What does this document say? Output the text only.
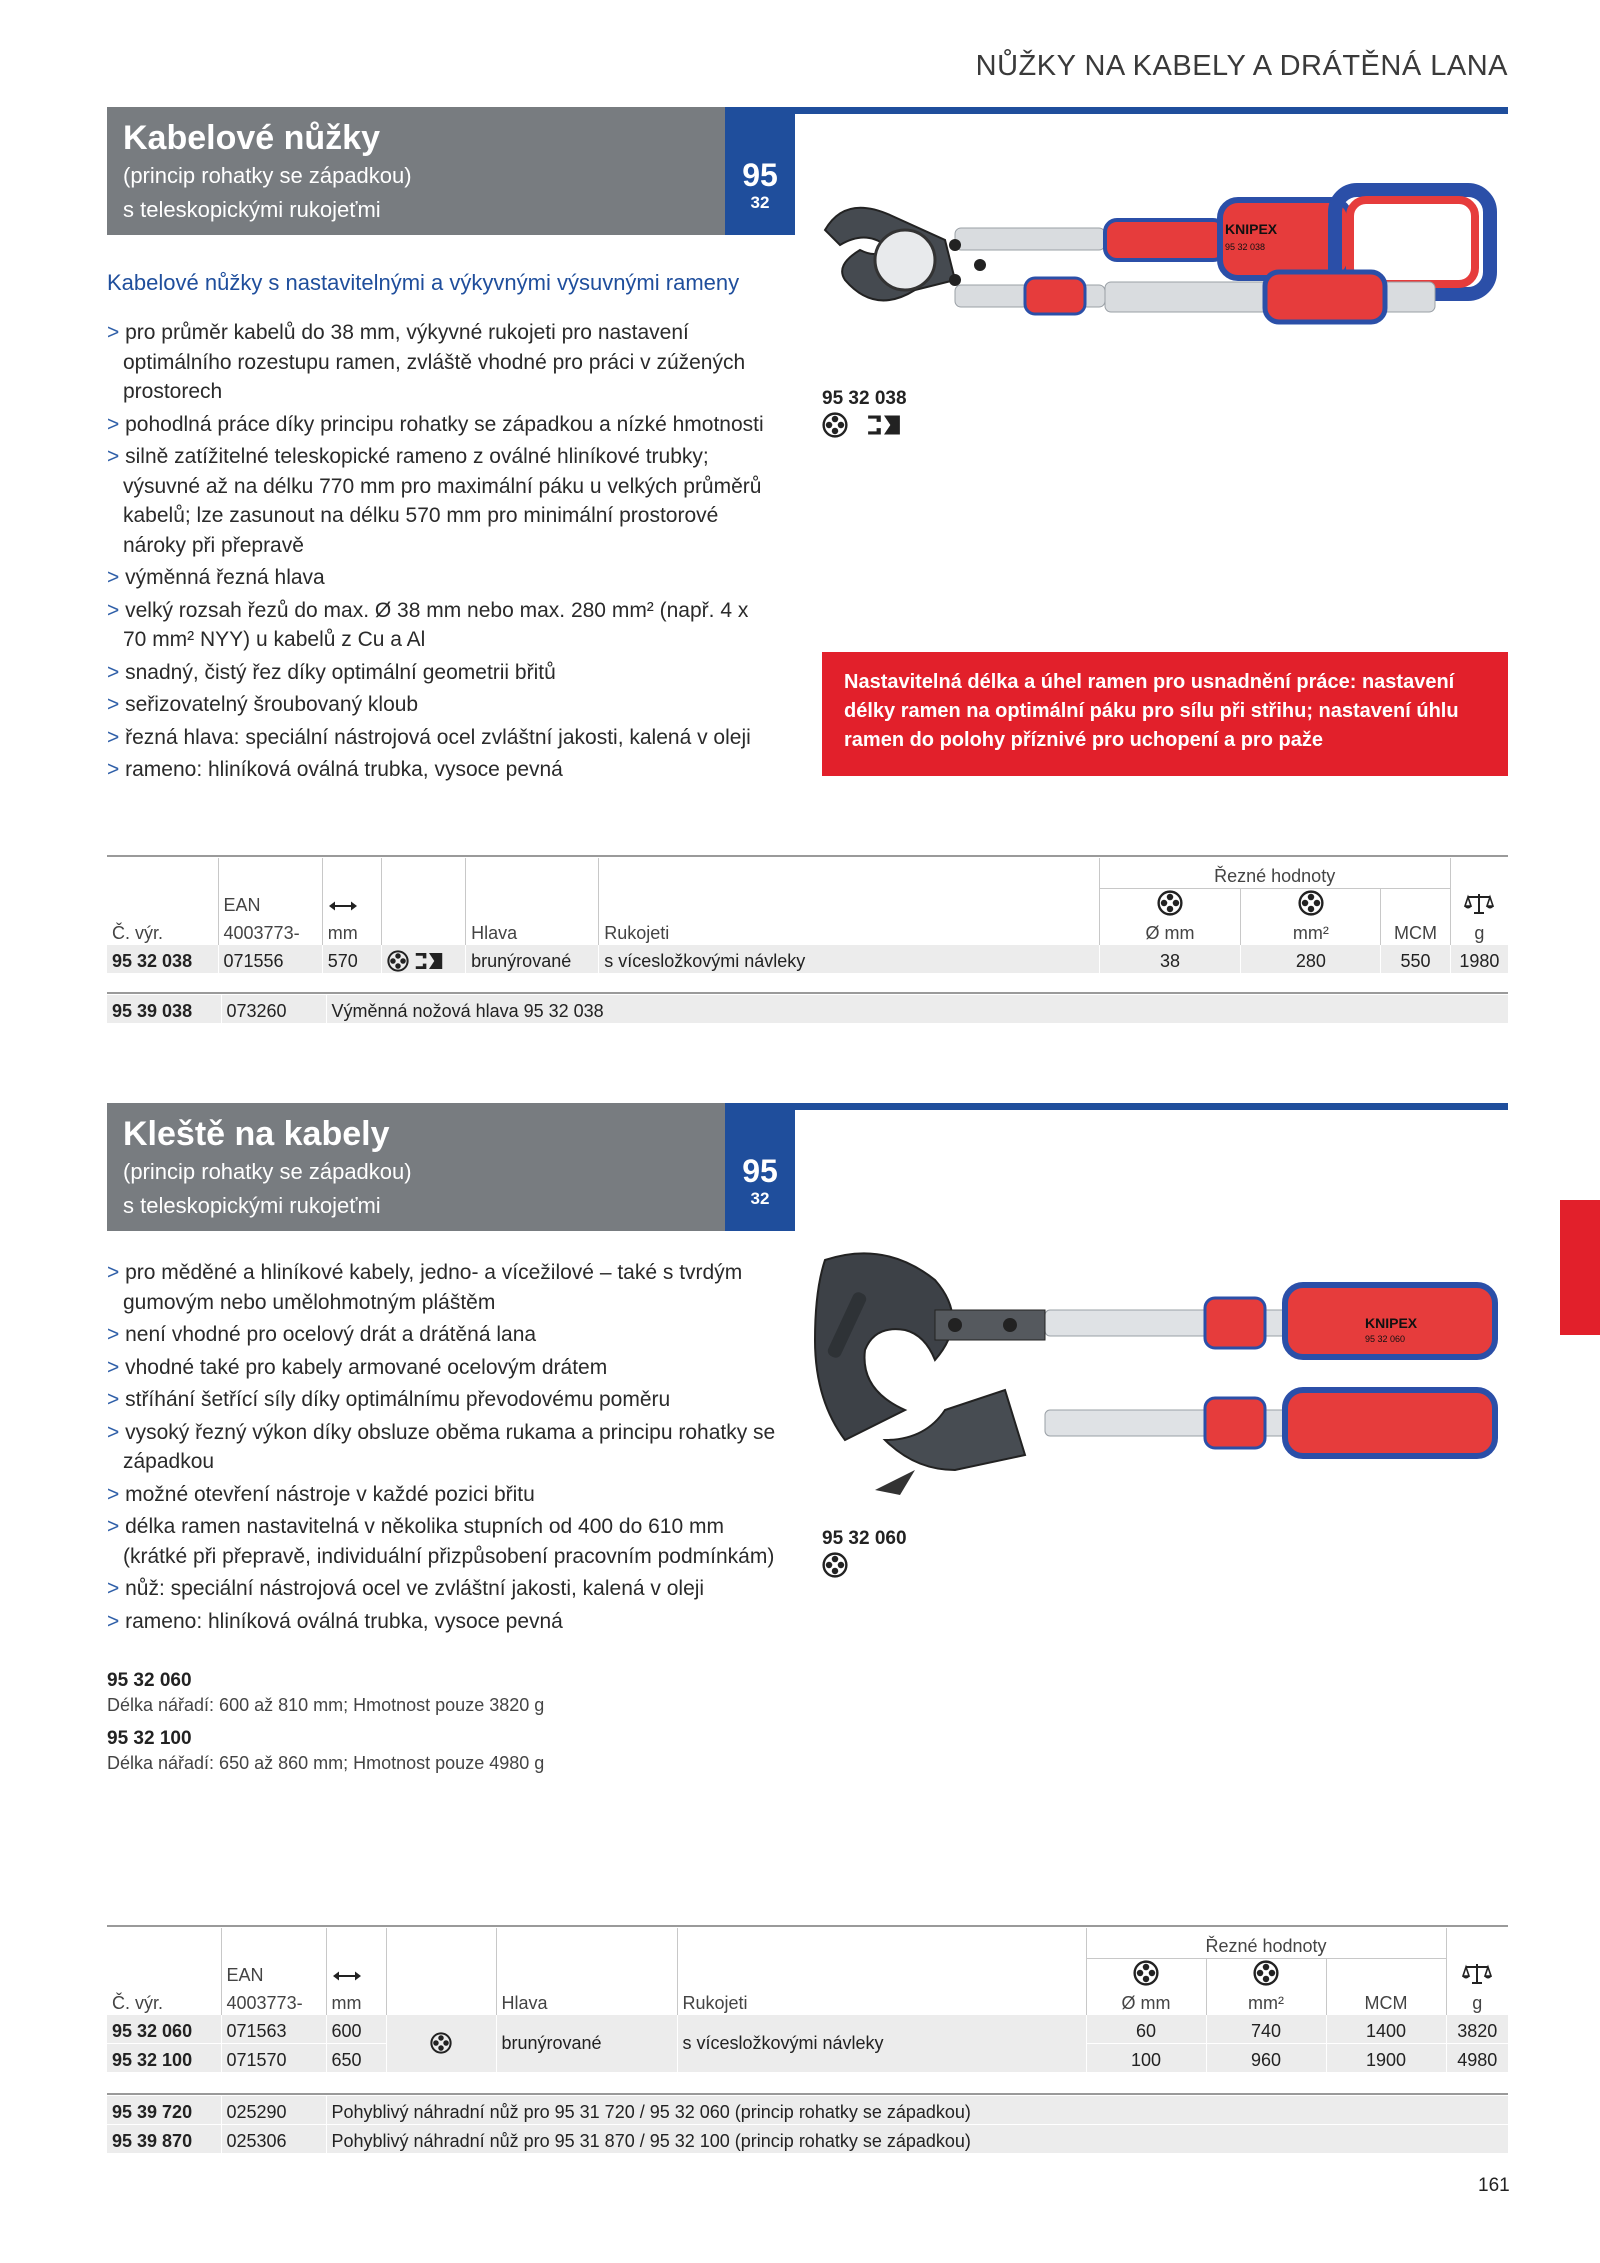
NŮŽKY NA KABELY A DRÁTĚNÁ LANA
Kabelové nůžky
(princip rohatky se západkou)
s teleskopickými rukojeťmi
95
32
Kabelové nůžky s nastavitelnými a výkyvnými výsuvnými rameny
> pro průměr kabelů do 38 mm, výkyvné rukojeti pro nastavení optimálního rozestupu ramen, zvláště vhodné pro práci v zúžených prostorech
> pohodlná práce díky principu rohatky se západkou a nízké hmotnosti
> silně zatížitelné teleskopické rameno z oválné hliníkové trubky; výsuvné až na délku 770 mm pro maximální páku u velkých průměrů kabelů; lze zasunout na délku 570 mm pro minimální prostorové nároky při přepravě
> výměnná řezná hlava
> velký rozsah řezů do max. Ø 38 mm nebo max. 280 mm² (např. 4 x 70 mm² NYY) u kabelů z Cu a Al
> snadný, čistý řez díky optimální geometrii břitů
> seřizovatelný šroubovaný kloub
> řezná hlava: speciální nástrojová ocel zvláštní jakosti, kalená v oleji
> rameno: hliníková oválná trubka, vysoce pevná
KNIPEX
95 32 038
95 32 038

Nastavitelná délka a úhel ramen pro usnadnění práce: nastavení délky ramen na optimální páku pro sílu při střihu; nastavení úhlu ramen do polohy příznivé pro uchopení a pro paže
						Řezné hodnoty			
	EAN								
Č. výr.	4003773-	mm		Hlava	Rukojeti	Ø mm	mm²	MCM	g
95 32 038	071556	570		brunýrované	s vícesložkovými návleky	38	280	550	1980
95 39 038	073260	Výměnná nožová hlava 95 32 038
Kleště na kabely
(princip rohatky se západkou)
s teleskopickými rukojeťmi
95
32
> pro měděné a hliníkové kabely, jedno- a vícežilové – také s tvrdým gumovým nebo umělohmotným pláštěm
> není vhodné pro ocelový drát a drátěná lana
> vhodné také pro kabely armované ocelovým drátem
> stříhání šetřící síly díky optimálnímu převodovému poměru
> vysoký řezný výkon díky obsluze oběma rukama a principu rohatky se západkou
> možné otevření nástroje v každé pozici břitu
> délka ramen nastavitelná v několika stupních od 400 do 610 mm (krátké při přepravě, individuální přizpůsobení pracovním podmínkám)
> nůž: speciální nástrojová ocel ve zvláštní jakosti, kalená v oleji
> rameno: hliníková oválná trubka, vysoce pevná
KNIPEX
95 32 060
95 32 060
95 32 060
Délka nářadí: 600 až 810 mm; Hmotnost pouze 3820 g
95 32 100
Délka nářadí: 650 až 860 mm; Hmotnost pouze 4980 g
						Řezné hodnoty			
	EAN								
Č. výr.	4003773-	mm		Hlava	Rukojeti	Ø mm	mm²	MCM	g
95 32 060	071563	600		brunýrované	s vícesložkovými návleky	60	740	1400	3820
95 32 100	071570	650				100	960	1900	4980
95 39 720	025290	Pohyblivý náhradní nůž pro 95 31 720 / 95 32 060 (princip rohatky se západkou)
95 39 870	025306	Pohyblivý náhradní nůž pro 95 31 870 / 95 32 100 (princip rohatky se západkou)
161
